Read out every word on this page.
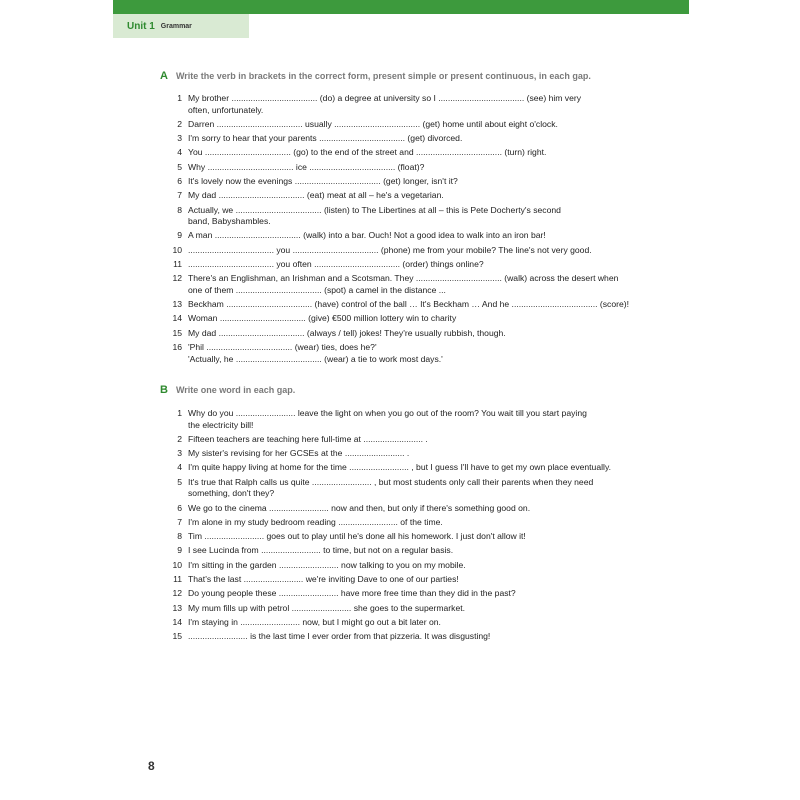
Unit 1 Grammar
A Write the verb in brackets in the correct form, present simple or present continuous, in each gap.
1 My brother .................................... (do) a degree at university so I .................................... (see) him very
often, unfortunately.
2 Darren .................................... usually .................................... (get) home until about eight o'clock.
3 I'm sorry to hear that your parents .................................... (get) divorced.
4 You .................................... (go) to the end of the street and .................................... (turn) right.
5 Why .................................... ice .................................... (float)?
6 It's lovely now the evenings .................................... (get) longer, isn't it?
7 My dad .................................... (eat) meat at all – he's a vegetarian.
8 Actually, we .................................... (listen) to The Libertines at all – this is Pete Docherty's second
band, Babyshambles.
9 A man .................................... (walk) into a bar. Ouch! Not a good idea to walk into an iron bar!
10 .................................... you .................................... (phone) me from your mobile? The line's not very good.
11 .................................... you often .................................... (order) things online?
12 There's an Englishman, an Irishman and a Scotsman. They .................................... (walk) across the desert when
one of them .................................... (spot) a camel in the distance ...
13 Beckham .................................... (have) control of the ball … It's Beckham … And he .................................... (score)!
14 Woman .................................... (give) €500 million lottery win to charity
15 My dad .................................... (always / tell) jokes! They're usually rubbish, though.
16 'Phil .................................... (wear) ties, does he?'
'Actually, he .................................... (wear) a tie to work most days.'
B Write one word in each gap.
1 Why do you ......................... leave the light on when you go out of the room? You wait till you start paying
the electricity bill!
2 Fifteen teachers are teaching here full-time at ......................... .
3 My sister's revising for her GCSEs at the ......................... .
4 I'm quite happy living at home for the time ......................... , but I guess I'll have to get my own place eventually.
5 It's true that Ralph calls us quite ......................... , but most students only call their parents when they need
something, don't they?
6 We go to the cinema ......................... now and then, but only if there's something good on.
7 I'm alone in my study bedroom reading ......................... of the time.
8 Tim ......................... goes out to play until he's done all his homework. I just don't allow it!
9 I see Lucinda from ......................... to time, but not on a regular basis.
10 I'm sitting in the garden ......................... now talking to you on my mobile.
11 That's the last ......................... we're inviting Dave to one of our parties!
12 Do young people these ......................... have more free time than they did in the past?
13 My mum fills up with petrol ......................... she goes to the supermarket.
14 I'm staying in ......................... now, but I might go out a bit later on.
15 ......................... is the last time I ever order from that pizzeria. It was disgusting!
8
